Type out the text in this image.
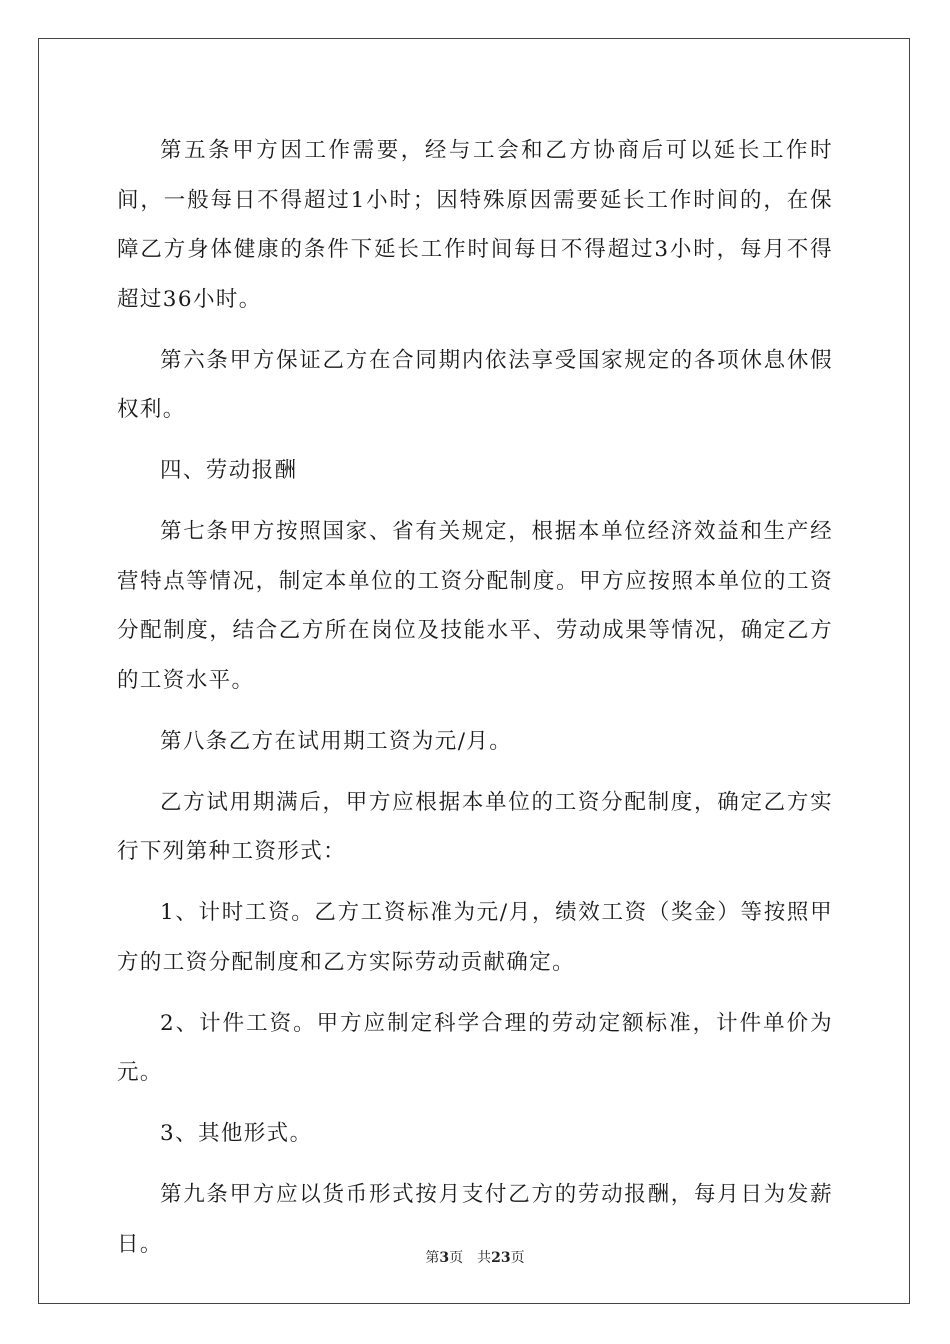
第五条甲方因工作需要，经与工会和乙方协商后可以延长工作时间，一般每日不得超过1小时；因特殊原因需要延长工作时间的，在保障乙方身体健康的条件下延长工作时间每日不得超过3小时，每月不得超过36小时。

第六条甲方保证乙方在合同期内依法享受国家规定的各项休息休假权利。

四、劳动报酬

第七条甲方按照国家、省有关规定，根据本单位经济效益和生产经营特点等情况，制定本单位的工资分配制度。甲方应按照本单位的工资分配制度，结合乙方所在岗位及技能水平、劳动成果等情况，确定乙方的工资水平。

第八条乙方在试用期工资为元/月。

乙方试用期满后，甲方应根据本单位的工资分配制度，确定乙方实行下列第种工资形式：

1、计时工资。乙方工资标准为元/月，绩效工资（奖金）等按照甲方的工资分配制度和乙方实际劳动贡献确定。

2、计件工资。甲方应制定科学合理的劳动定额标准，计件单价为元。

3、其他形式。

第九条甲方应以货币形式按月支付乙方的劳动报酬，每月日为发薪日。

第3页 共23页
